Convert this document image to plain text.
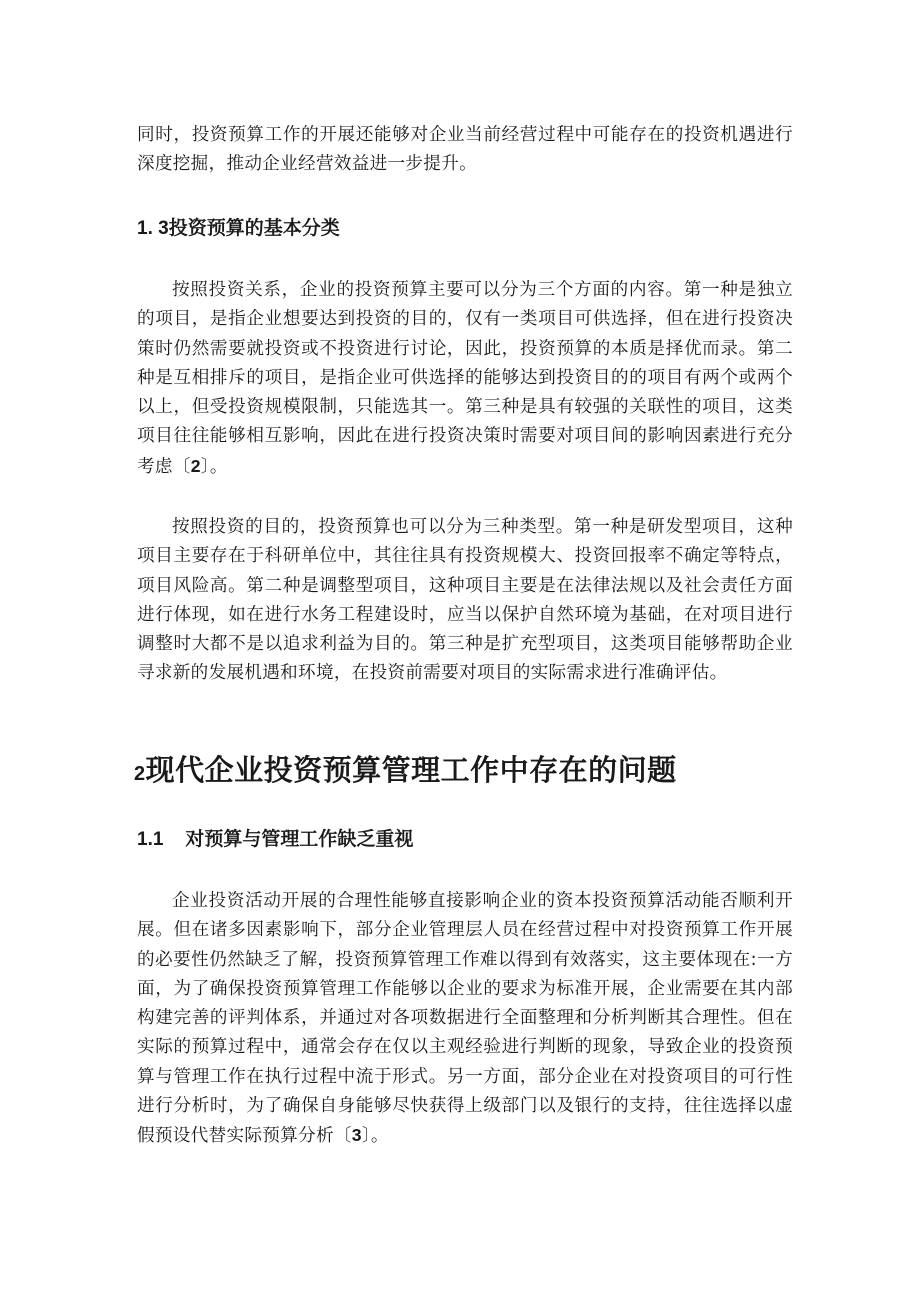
同时，投资预算工作的开展还能够对企业当前经营过程中可能存在的投资机遇进行深度挖掘，推动企业经营效益进一步提升。

1. 3投资预算的基本分类

按照投资关系，企业的投资预算主要可以分为三个方面的内容。第一种是独立的项目，是指企业想要达到投资的目的，仅有一类项目可供选择，但在进行投资决策时仍然需要就投资或不投资进行讨论，因此，投资预算的本质是择优而录。第二种是互相排斥的项目，是指企业可供选择的能够达到投资目的的项目有两个或两个以上，但受投资规模限制，只能选其一。第三种是具有较强的关联性的项目，这类项目往往能够相互影响，因此在进行投资决策时需要对项目间的影响因素进行充分考虑〔2〕。

按照投资的目的，投资预算也可以分为三种类型。第一种是研发型项目，这种项目主要存在于科研单位中，其往往具有投资规模大、投资回报率不确定等特点，项目风险高。第二种是调整型项目，这种项目主要是在法律法规以及社会责任方面进行体现，如在进行水务工程建设时，应当以保护自然环境为基础，在对项目进行调整时大都不是以追求利益为目的。第三种是扩充型项目，这类项目能够帮助企业寻求新的发展机遇和环境，在投资前需要对项目的实际需求进行准确评估。

2现代企业投资预算管理工作中存在的问题
1.1 对预算与管理工作缺乏重视

企业投资活动开展的合理性能够直接影响企业的资本投资预算活动能否顺利开展。但在诸多因素影响下，部分企业管理层人员在经营过程中对投资预算工作开展的必要性仍然缺乏了解，投资预算管理工作难以得到有效落实，这主要体现在:一方面，为了确保投资预算管理工作能够以企业的要求为标准开展，企业需要在其内部构建完善的评判体系，并通过对各项数据进行全面整理和分析判断其合理性。但在实际的预算过程中，通常会存在仅以主观经验进行判断的现象，导致企业的投资预算与管理工作在执行过程中流于形式。另一方面，部分企业在对投资项目的可行性进行分析时，为了确保自身能够尽快获得上级部门以及银行的支持，往往选择以虚假预设代替实际预算分析〔3〕。
